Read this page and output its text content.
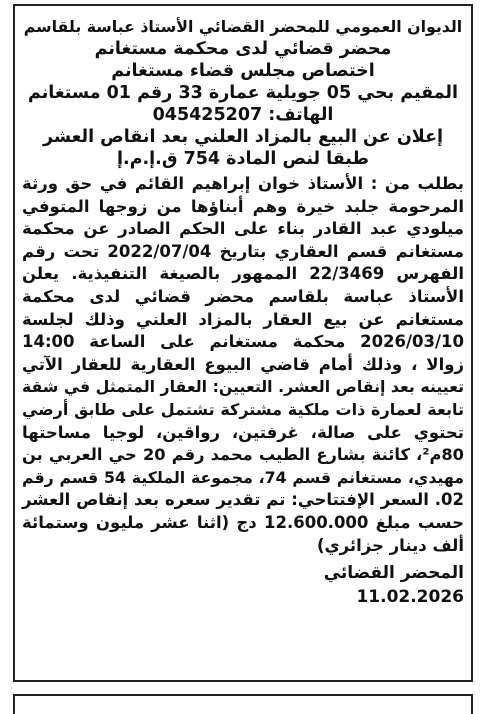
الديوان العمومي للمحضر القضائي الأستاذ عباسة بلقاسم
محضر قضائي لدى محكمة مستغانم
اختصاص مجلس قضاء مستغانم
المقيم بحي 05 جويلية عمارة 33 رقم 01 مستغانم
الهاتف: 045425207
إعلان عن البيع بالمزاد العلني بعد انقاص العشر
طبقا لنص المادة 754 ق.إ.م.إ
بطلب من : الأستاذ خوان إبراهيم القائم في حق ورثة
المرحومة جلبد خيرة وهم أبناؤها من زوجها المتوفي
ميلودي عبد القادر بناء على الحكم الصادر عن محكمة
مستغانم قسم العقاري بتاريخ 2022/07/04 تحت رقم
الفهرس 22/3469 الممهور بالصيغة التنفيذية. يعلن
الأستاذ عباسة بلقاسم محضر قضائي لدى محكمة
مستغانم عن بيع العقار بالمزاد العلني وذلك لجلسة
2026/03/10 محكمة مستغانم على الساعة 14:00
زوالا ، وذلك أمام قاضي البيوع العقارية للعقار الآتي
تعيينه بعد إنقاص العشر. التعيين: العقار المتمثل في شقة
تابعة لعمارة ذات ملكية مشتركة تشتمل على طابق أرضي
تحتوي على صالة، غرفتين، رواقين، لوجيا مساحتها
80م²، كائنة بشارع الطيب محمد رقم 20 حي العربي بن
مهيدي، مستغانم قسم 74، مجموعة الملكية 54 قسم رقم
02. السعر الإفتتاحي: تم تقدير سعره بعد إنقاص العشر
حسب مبلغ 12.600.000 دج (اثنا عشر مليون وستمائة
ألف دينار جزائري)
المحضر القضائي
11.02.2026
